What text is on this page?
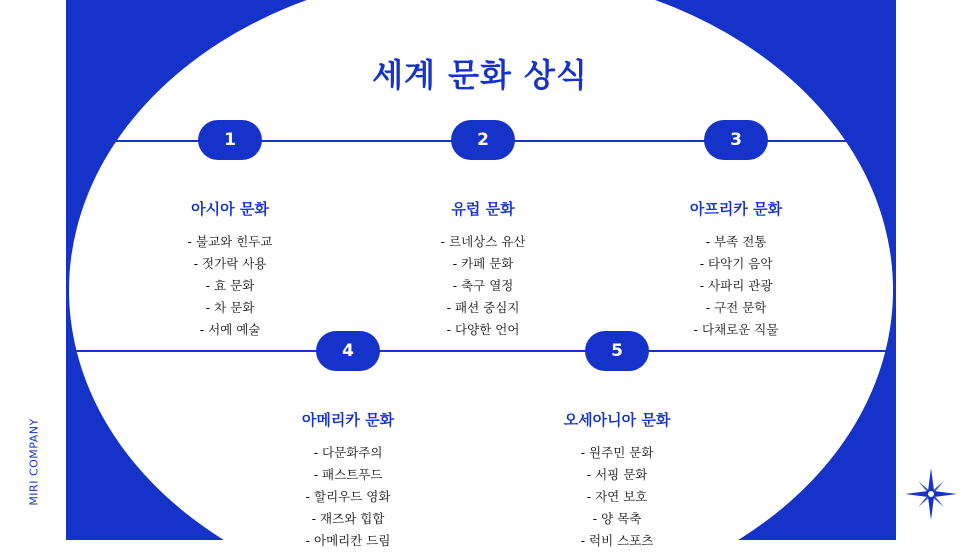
세계 문화 상식
1	2	3
4	5
아시아 문화
- 불교와 힌두교
- 젓가락 사용
- 효 문화
- 차 문화
- 서예 예술
유럽 문화
- 르네상스 유산
- 카페 문화
- 축구 열정
- 패션 중심지
- 다양한 언어
아프리카 문화
- 부족 전통
- 타악기 음악
- 사파리 관광
- 구전 문학
- 다채로운 직물
아메리카 문화
- 다문화주의
- 패스트푸드
- 할리우드 영화
- 재즈와 힙합
- 아메리칸 드림
오세아니아 문화
- 원주민 문화
- 서핑 문화
- 자연 보호
- 양 목축
- 럭비 스포츠
MIRI COMPANY
